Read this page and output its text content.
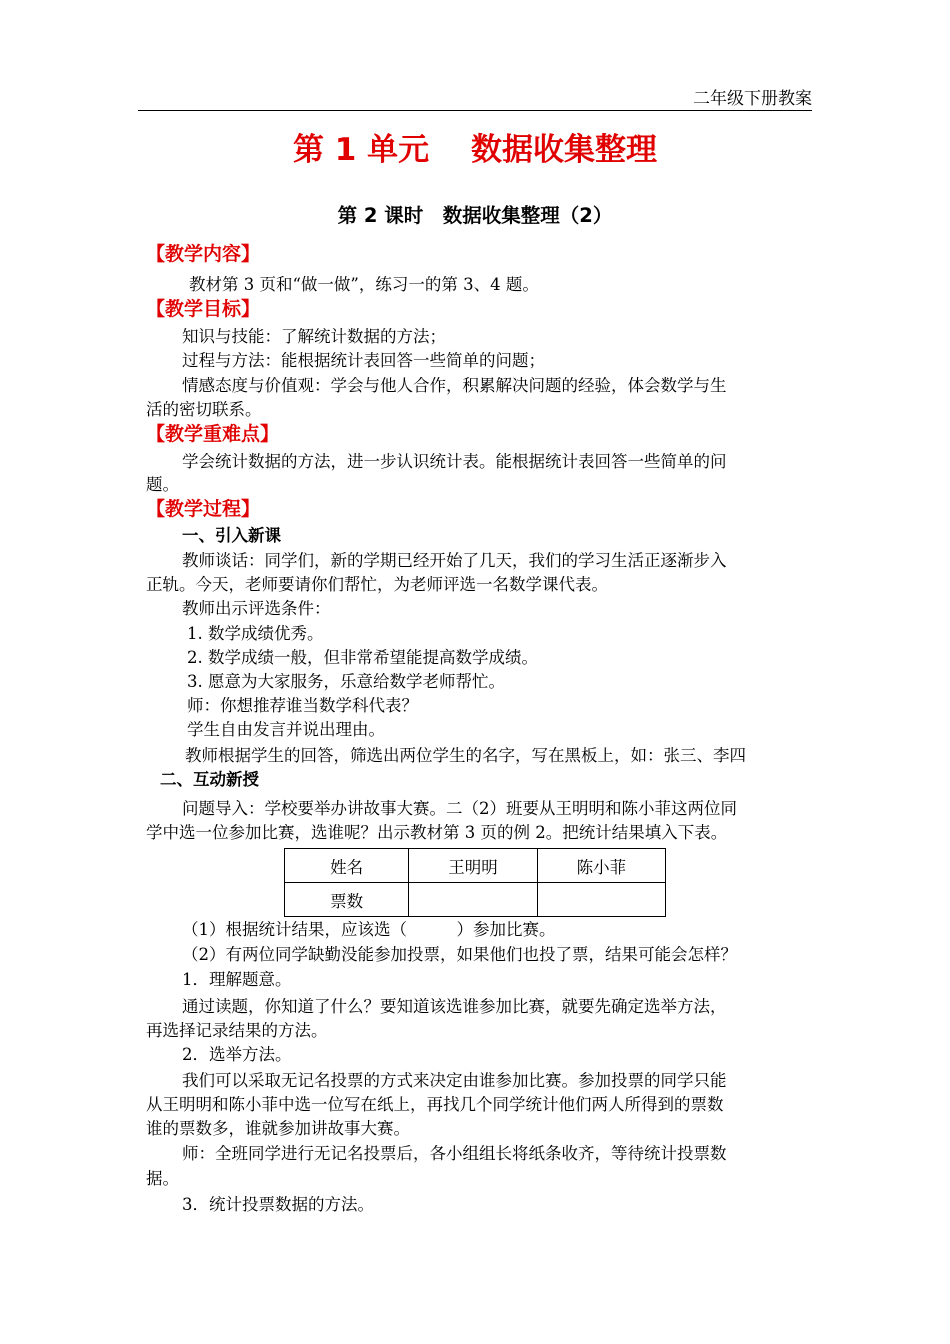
二年级下册教案
第 1 单元　 数据收集整理
第 2 课时　数据收集整理（2）
【教学内容】
教材第 3 页和“做一做”，练习一的第 3、4 题。
【教学目标】
知识与技能：了解统计数据的方法；
过程与方法：能根据统计表回答一些简单的问题；
情感态度与价值观：学会与他人合作，积累解决问题的经验，体会数学与生
活的密切联系。
【教学重难点】
学会统计数据的方法，进一步认识统计表。能根据统计表回答一些简单的问
题。
【教学过程】
一、引入新课
教师谈话：同学们，新的学期已经开始了几天，我们的学习生活正逐渐步入
正轨。今天，老师要请你们帮忙，为老师评选一名数学课代表。
教师出示评选条件：
1. 数学成绩优秀。
2. 数学成绩一般，但非常希望能提高数学成绩。
3. 愿意为大家服务，乐意给数学老师帮忙。
师：你想推荐谁当数学科代表？
学生自由发言并说出理由。
教师根据学生的回答，筛选出两位学生的名字，写在黑板上，如：张三、李四
二、互动新授
问题导入：学校要举办讲故事大赛。二（2）班要从王明明和陈小菲这两位同
学中选一位参加比赛，选谁呢？出示教材第 3 页的例 2。把统计结果填入下表。
姓名	王明明	陈小菲
票数		
（1）根据统计结果，应该选（　　　）参加比赛。
（2）有两位同学缺勤没能参加投票，如果他们也投了票，结果可能会怎样？
1．理解题意。
通过读题，你知道了什么？要知道该选谁参加比赛，就要先确定选举方法，
再选择记录结果的方法。
2．选举方法。
我们可以采取无记名投票的方式来决定由谁参加比赛。参加投票的同学只能
从王明明和陈小菲中选一位写在纸上，再找几个同学统计他们两人所得到的票数
谁的票数多，谁就参加讲故事大赛。
师：全班同学进行无记名投票后，各小组组长将纸条收齐，等待统计投票数
据。
3．统计投票数据的方法。
